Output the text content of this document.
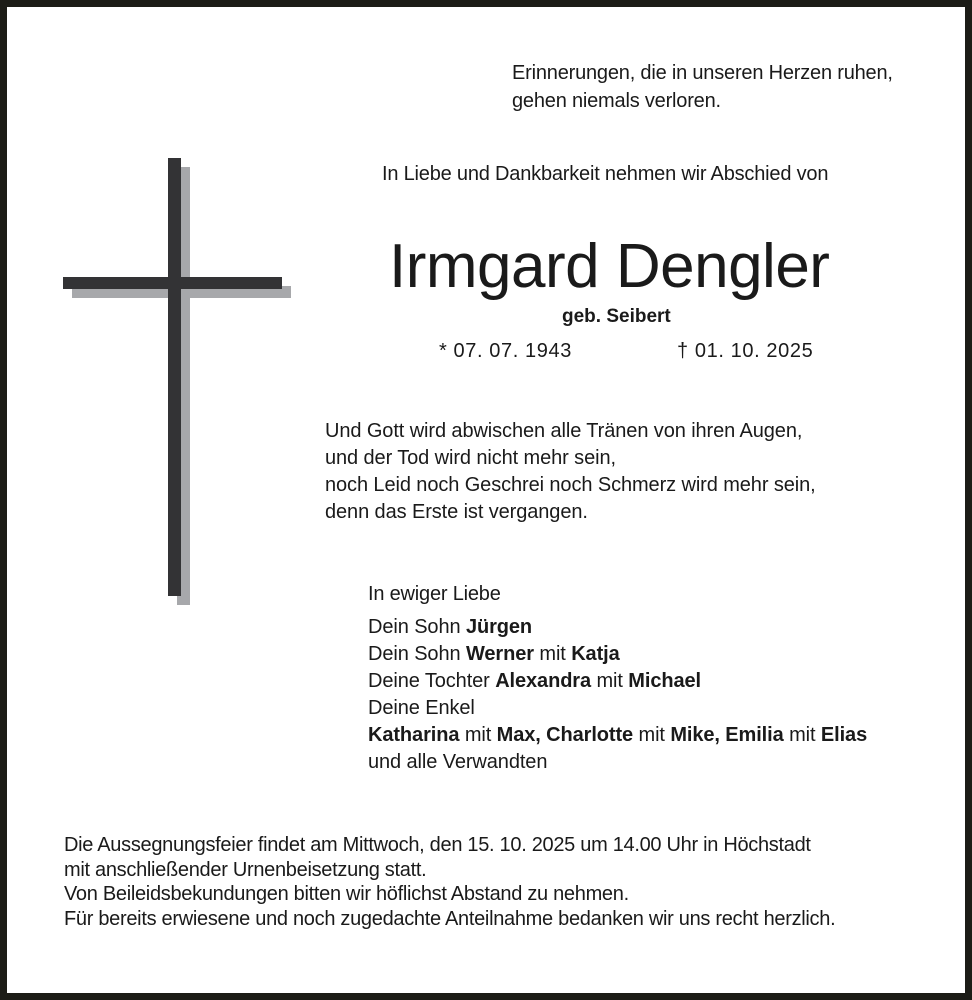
Erinnerungen, die in unseren Herzen ruhen,
gehen niemals verloren.
In Liebe und Dankbarkeit nehmen wir Abschied von
Irmgard Dengler
geb. Seibert
* 07. 07. 1943	† 01. 10. 2025
Und Gott wird abwischen alle Tränen von ihren Augen,
und der Tod wird nicht mehr sein,
noch Leid noch Geschrei noch Schmerz wird mehr sein,
denn das Erste ist vergangen.
In ewiger Liebe
Dein Sohn Jürgen
Dein Sohn Werner mit Katja
Deine Tochter Alexandra mit Michael
Deine Enkel
Katharina mit Max, Charlotte mit Mike, Emilia mit Elias
und alle Verwandten
Die Aussegnungsfeier findet am Mittwoch, den 15. 10. 2025 um 14.00 Uhr in Höchstadt
mit anschließender Urnenbeisetzung statt.
Von Beileidsbekundungen bitten wir höflichst Abstand zu nehmen.
Für bereits erwiesene und noch zugedachte Anteilnahme bedanken wir uns recht herzlich.
